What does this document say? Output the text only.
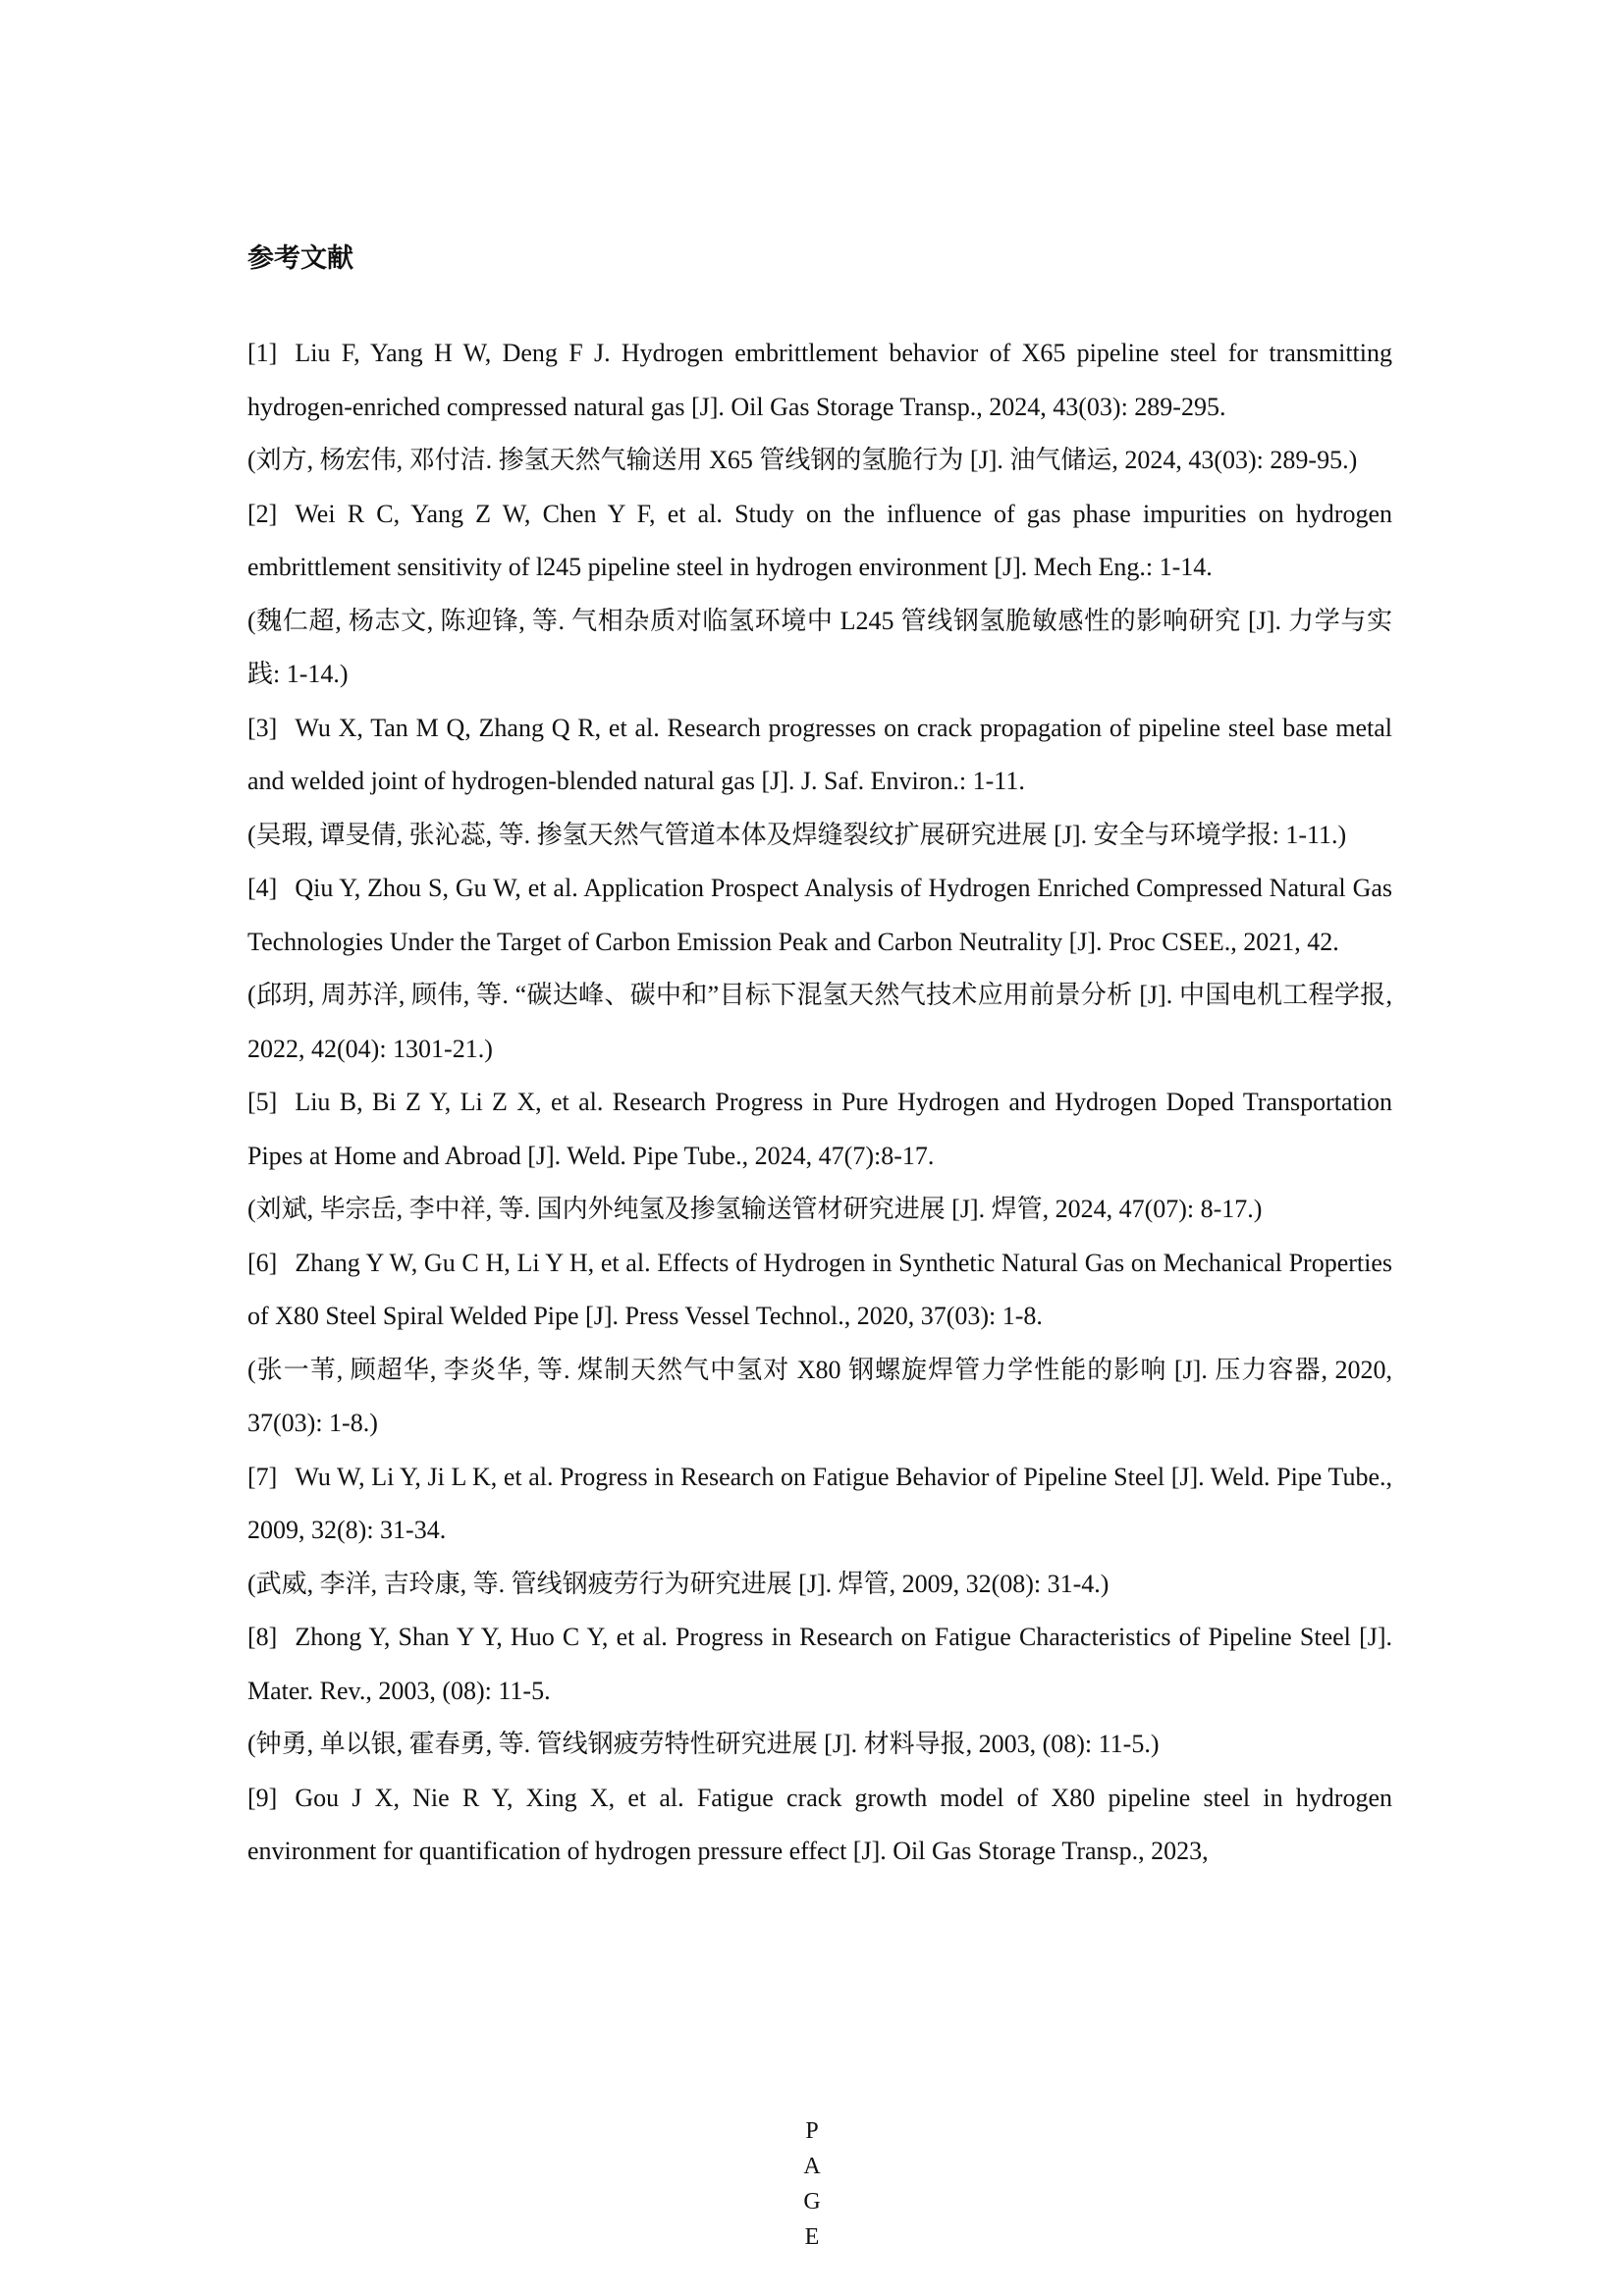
参考文献

[1] Liu F, Yang H W, Deng F J. Hydrogen embrittlement behavior of X65 pipeline steel for transmitting hydrogen-enriched compressed natural gas [J]. Oil Gas Storage Transp., 2024, 43(03): 289-295.

(刘方, 杨宏伟, 邓付洁. 掺氢天然气输送用 X65 管线钢的氢脆行为 [J]. 油气储运, 2024, 43(03): 289-95.)

[2] Wei R C, Yang Z W, Chen Y F, et al. Study on the influence of gas phase impurities on hydrogen embrittlement sensitivity of l245 pipeline steel in hydrogen environment [J]. Mech Eng.: 1-14.

(魏仁超, 杨志文, 陈迎锋, 等. 气相杂质对临氢环境中 L245 管线钢氢脆敏感性的影响研究 [J]. 力学与实践: 1-14.)

[3] Wu X, Tan M Q, Zhang Q R, et al. Research progresses on crack propagation of pipeline steel base metal and welded joint of hydrogen-blended natural gas [J]. J. Saf. Environ.: 1-11.

(吴瑕, 谭旻倩, 张沁蕊, 等. 掺氢天然气管道本体及焊缝裂纹扩展研究进展 [J]. 安全与环境学报: 1-11.)

[4] Qiu Y, Zhou S, Gu W, et al. Application Prospect Analysis of Hydrogen Enriched Compressed Natural Gas Technologies Under the Target of Carbon Emission Peak and Carbon Neutrality [J]. Proc CSEE., 2021, 42.

(邱玥, 周苏洋, 顾伟, 等. “碳达峰、碳中和”目标下混氢天然气技术应用前景分析 [J]. 中国电机工程学报, 2022, 42(04): 1301-21.)

[5] Liu B, Bi Z Y, Li Z X, et al. Research Progress in Pure Hydrogen and Hydrogen Doped Transportation Pipes at Home and Abroad [J]. Weld. Pipe Tube., 2024, 47(7):8-17.

(刘斌, 毕宗岳, 李中祥, 等. 国内外纯氢及掺氢输送管材研究进展 [J]. 焊管, 2024, 47(07): 8-17.)

[6] Zhang Y W, Gu C H, Li Y H, et al. Effects of Hydrogen in Synthetic Natural Gas on Mechanical Properties of X80 Steel Spiral Welded Pipe [J]. Press Vessel Technol., 2020, 37(03): 1-8.

(张一苇, 顾超华, 李炎华, 等. 煤制天然气中氢对 X80 钢螺旋焊管力学性能的影响 [J]. 压力容器, 2020, 37(03): 1-8.)

[7] Wu W, Li Y, Ji L K, et al. Progress in Research on Fatigue Behavior of Pipeline Steel [J]. Weld. Pipe Tube., 2009, 32(8): 31-34.

(武威, 李洋, 吉玲康, 等. 管线钢疲劳行为研究进展 [J]. 焊管, 2009, 32(08): 31-4.)

[8] Zhong Y, Shan Y Y, Huo C Y, et al. Progress in Research on Fatigue Characteristics of Pipeline Steel [J]. Mater. Rev., 2003, (08): 11-5.

(钟勇, 单以银, 霍春勇, 等. 管线钢疲劳特性研究进展 [J]. 材料导报, 2003, (08): 11-5.)

[9] Gou J X, Nie R Y, Xing X, et al. Fatigue crack growth model of X80 pipeline steel in hydrogen environment for quantification of hydrogen pressure effect [J]. Oil Gas Storage Transp., 2023,

P
A
G
E
